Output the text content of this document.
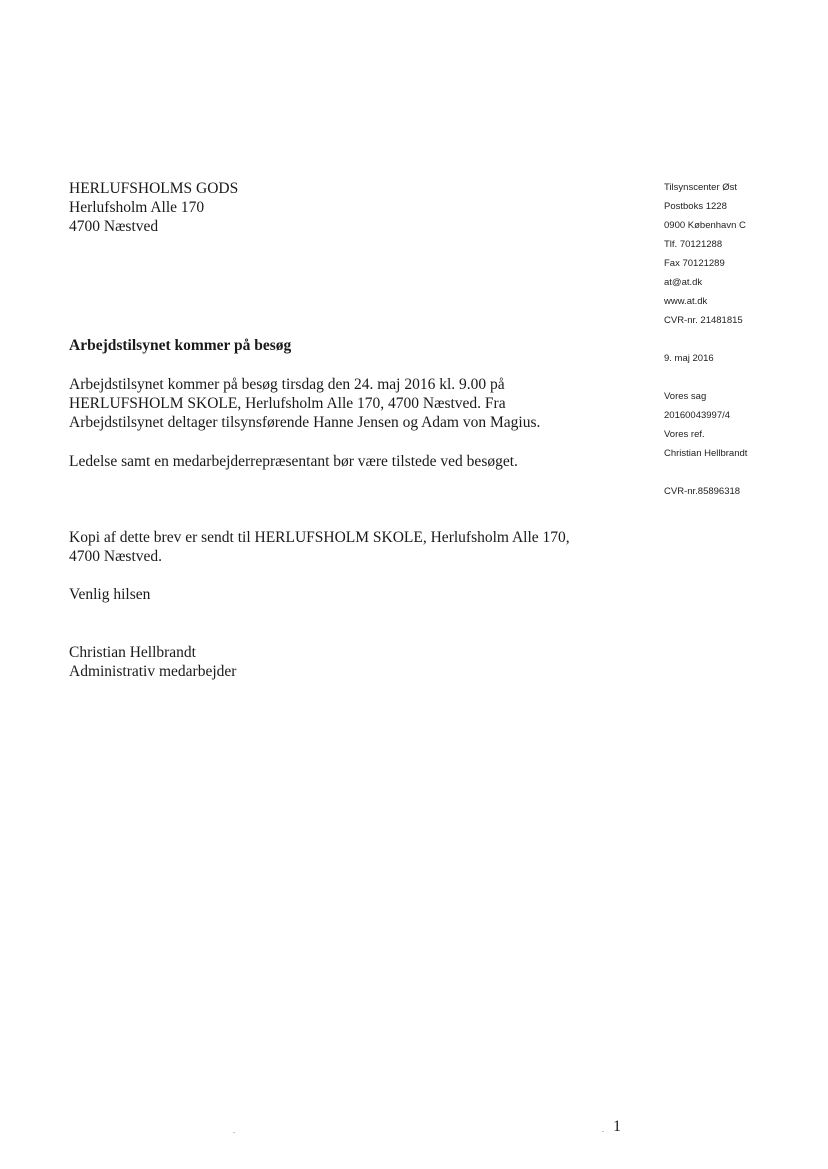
HERLUFSHOLMS GODS
Herlufsholm Alle 170
4700 Næstved
Tilsynscenter Øst
Postboks 1228
0900 København C
Tlf. 70121288
Fax 70121289
at@at.dk
www.at.dk
CVR-nr. 21481815
9. maj 2016
Vores sag
20160043997/4
Vores ref.
Christian Hellbrandt
CVR-nr.85896318
Arbejdstilsynet kommer på besøg
Arbejdstilsynet kommer på besøg tirsdag den 24. maj 2016 kl. 9.00 på
HERLUFSHOLM SKOLE, Herlufsholm Alle 170, 4700 Næstved. Fra
Arbejdstilsynet deltager tilsynsførende Hanne Jensen og Adam von Magius.
Ledelse samt en medarbejderrepræsentant bør være tilstede ved besøget.
Kopi af dette brev er sendt til HERLUFSHOLM SKOLE, Herlufsholm Alle 170,
4700 Næstved.
Venlig hilsen
Christian Hellbrandt
Administrativ medarbejder
1
